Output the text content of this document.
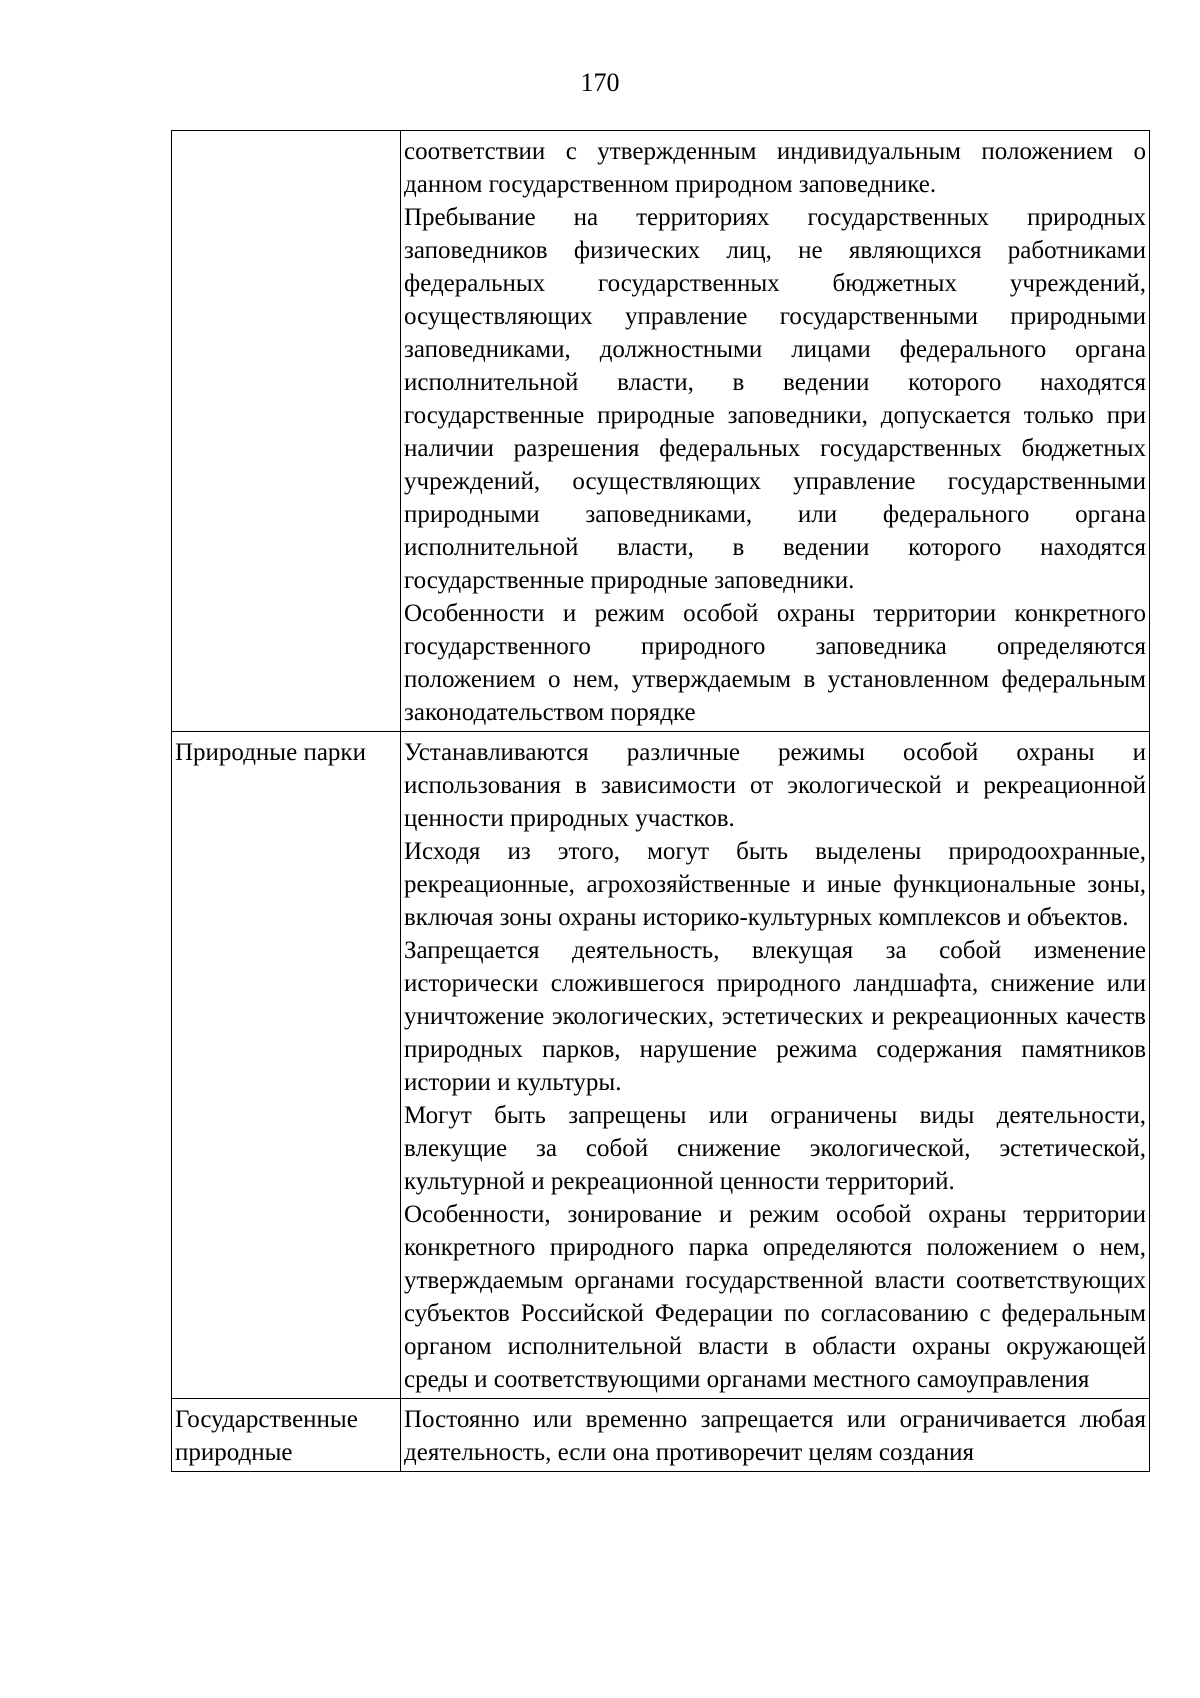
170

	соответствии с утвержденным индивидуальным положением о данном государственном природном заповеднике.

Пребывание на территориях государственных природных заповедников физических лиц, не являющихся работниками федеральных государственных бюджетных учреждений, осуществляющих управление государственными природными заповедниками, должностными лицами федерального органа исполнительной власти, в ведении которого находятся государственные природные заповедники, допускается только при наличии разрешения федеральных государственных бюджетных учреждений, осуществляющих управление государственными природными заповедниками, или федерального органа исполнительной власти, в ведении которого находятся государственные природные заповедники.

Особенности и режим особой охраны территории конкретного государственного природного заповедника определяются положением о нем, утверждаемым в установленном федеральным законодательством порядке

Природные парки	Устанавливаются различные режимы особой охраны и использования в зависимости от экологической и рекреационной ценности природных участков.

Исходя из этого, могут быть выделены природоохранные, рекреационные, агрохозяйственные и иные функциональные зоны, включая зоны охраны историко-культурных комплексов и объектов.

Запрещается деятельность, влекущая за собой изменение исторически сложившегося природного ландшафта, снижение или уничтожение экологических, эстетических и рекреационных качеств природных парков, нарушение режима содержания памятников истории и культуры.

Могут быть запрещены или ограничены виды деятельности, влекущие за собой снижение экологической, эстетической, культурной и рекреационной ценности территорий.

Особенности, зонирование и режим особой охраны территории конкретного природного парка определяются положением о нем, утверждаемым органами государственной власти соответствующих субъектов Российской Федерации по согласованию с федеральным органом исполнительной власти в области охраны окружающей среды и соответствующими органами местного самоуправления

Государственные природные	Постоянно или временно запрещается или ограничивается любая деятельность, если она противоречит целям создания
